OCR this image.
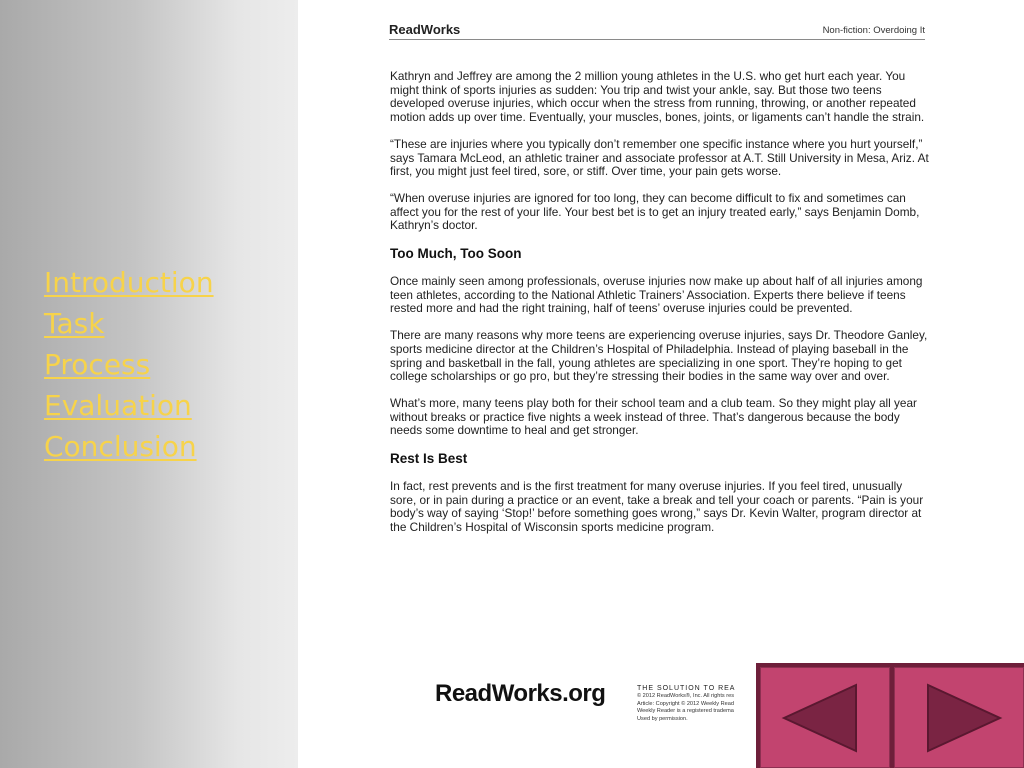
Introduction
Task
Process
Evaluation
Conclusion
ReadWorks	Non-fiction: Overdoing It

Kathryn and Jeffrey are among the 2 million young athletes in the U.S. who get hurt each year. You might think of sports injuries as sudden: You trip and twist your ankle, say. But those two teens developed overuse injuries, which occur when the stress from running, throwing, or another repeated motion adds up over time. Eventually, your muscles, bones, joints, or ligaments can’t handle the strain.

“These are injuries where you typically don’t remember one specific instance where you hurt yourself,” says Tamara McLeod, an athletic trainer and associate professor at A.T. Still University in Mesa, Ariz. At first, you might just feel tired, sore, or stiff. Over time, your pain gets worse.

“When overuse injuries are ignored for too long, they can become difficult to fix and sometimes can affect you for the rest of your life. Your best bet is to get an injury treated early,” says Benjamin Domb, Kathryn’s doctor.

Too Much, Too Soon

Once mainly seen among professionals, overuse injuries now make up about half of all injuries among teen athletes, according to the National Athletic Trainers’ Association. Experts there believe if teens rested more and had the right training, half of teens’ overuse injuries could be prevented.

There are many reasons why more teens are experiencing overuse injuries, says Dr. Theodore Ganley, sports medicine director at the Children’s Hospital of Philadelphia. Instead of playing baseball in the spring and basketball in the fall, young athletes are specializing in one sport. They’re hoping to get college scholarships or go pro, but they’re stressing their bodies in the same way over and over.

What’s more, many teens play both for their school team and a club team. So they might play all year without breaks or practice five nights a week instead of three. That’s dangerous because the body needs some downtime to heal and get stronger.

Rest Is Best

In fact, rest prevents and is the first treatment for many overuse injuries. If you feel tired, unusually sore, or in pain during a practice or an event, take a break and tell your coach or parents. “Pain is your body’s way of saying ‘Stop!’ before something goes wrong,” says Dr. Kevin Walter, program director at the Children’s Hospital of Wisconsin sports medicine program.

ReadWorks.org	THE SOLUTION TO REA
© 2012 ReadWorks®, Inc. All rights res
Article: Copyright © 2012 Weekly Read
Weekly Reader is a registered tradema
Used by permission.
